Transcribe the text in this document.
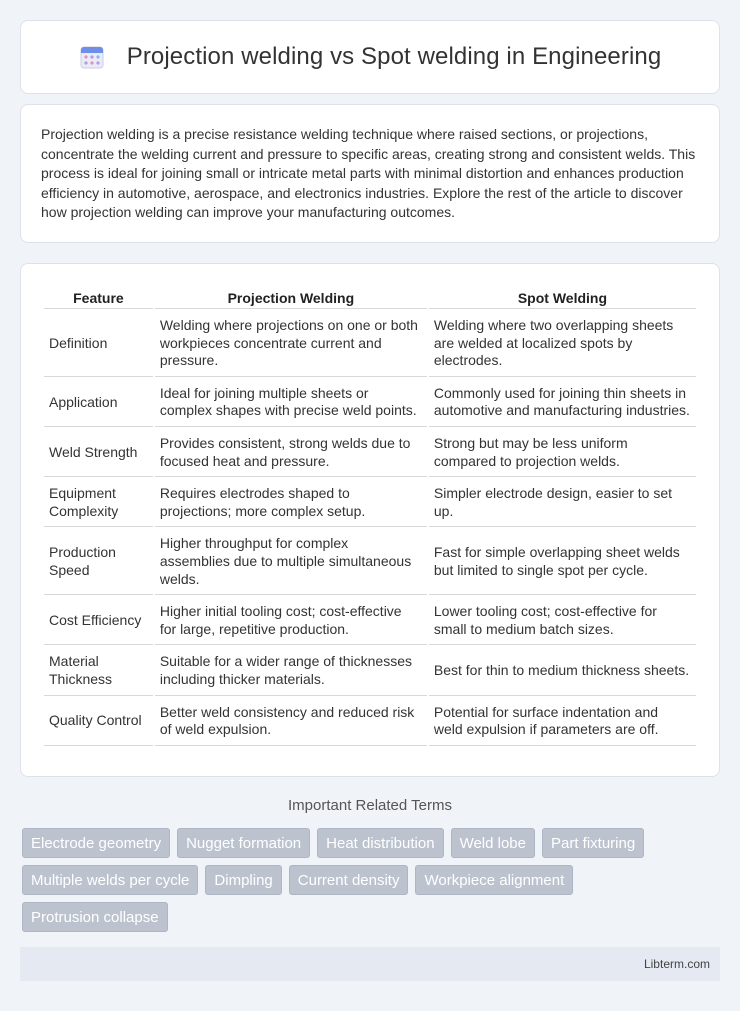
Projection welding vs Spot welding in Engineering

Projection welding is a precise resistance welding technique where raised sections, or projections, concentrate the welding current and pressure to specific areas, creating strong and consistent welds. This process is ideal for joining small or intricate metal parts with minimal distortion and enhances production efficiency in automotive, aerospace, and electronics industries. Explore the rest of the article to discover how projection welding can improve your manufacturing outcomes.

Feature	Projection Welding	Spot Welding
Definition	Welding where projections on one or both workpieces concentrate current and pressure.	Welding where two overlapping sheets are welded at localized spots by electrodes.
Application	Ideal for joining multiple sheets or complex shapes with precise weld points.	Commonly used for joining thin sheets in automotive and manufacturing industries.
Weld Strength	Provides consistent, strong welds due to focused heat and pressure.	Strong but may be less uniform compared to projection welds.
Equipment Complexity	Requires electrodes shaped to projections; more complex setup.	Simpler electrode design, easier to set up.
Production Speed	Higher throughput for complex assemblies due to multiple simultaneous welds.	Fast for simple overlapping sheet welds but limited to single spot per cycle.
Cost Efficiency	Higher initial tooling cost; cost-effective for large, repetitive production.	Lower tooling cost; cost-effective for small to medium batch sizes.
Material Thickness	Suitable for a wider range of thicknesses including thicker materials.	Best for thin to medium thickness sheets.
Quality Control	Better weld consistency and reduced risk of weld expulsion.	Potential for surface indentation and weld expulsion if parameters are off.
Important Related Terms
Electrode geometry	Nugget formation	Heat distribution	Weld lobe	Part fixturing
Multiple welds per cycle	Dimpling	Current density	Workpiece alignment
Protrusion collapse
Libterm.com
